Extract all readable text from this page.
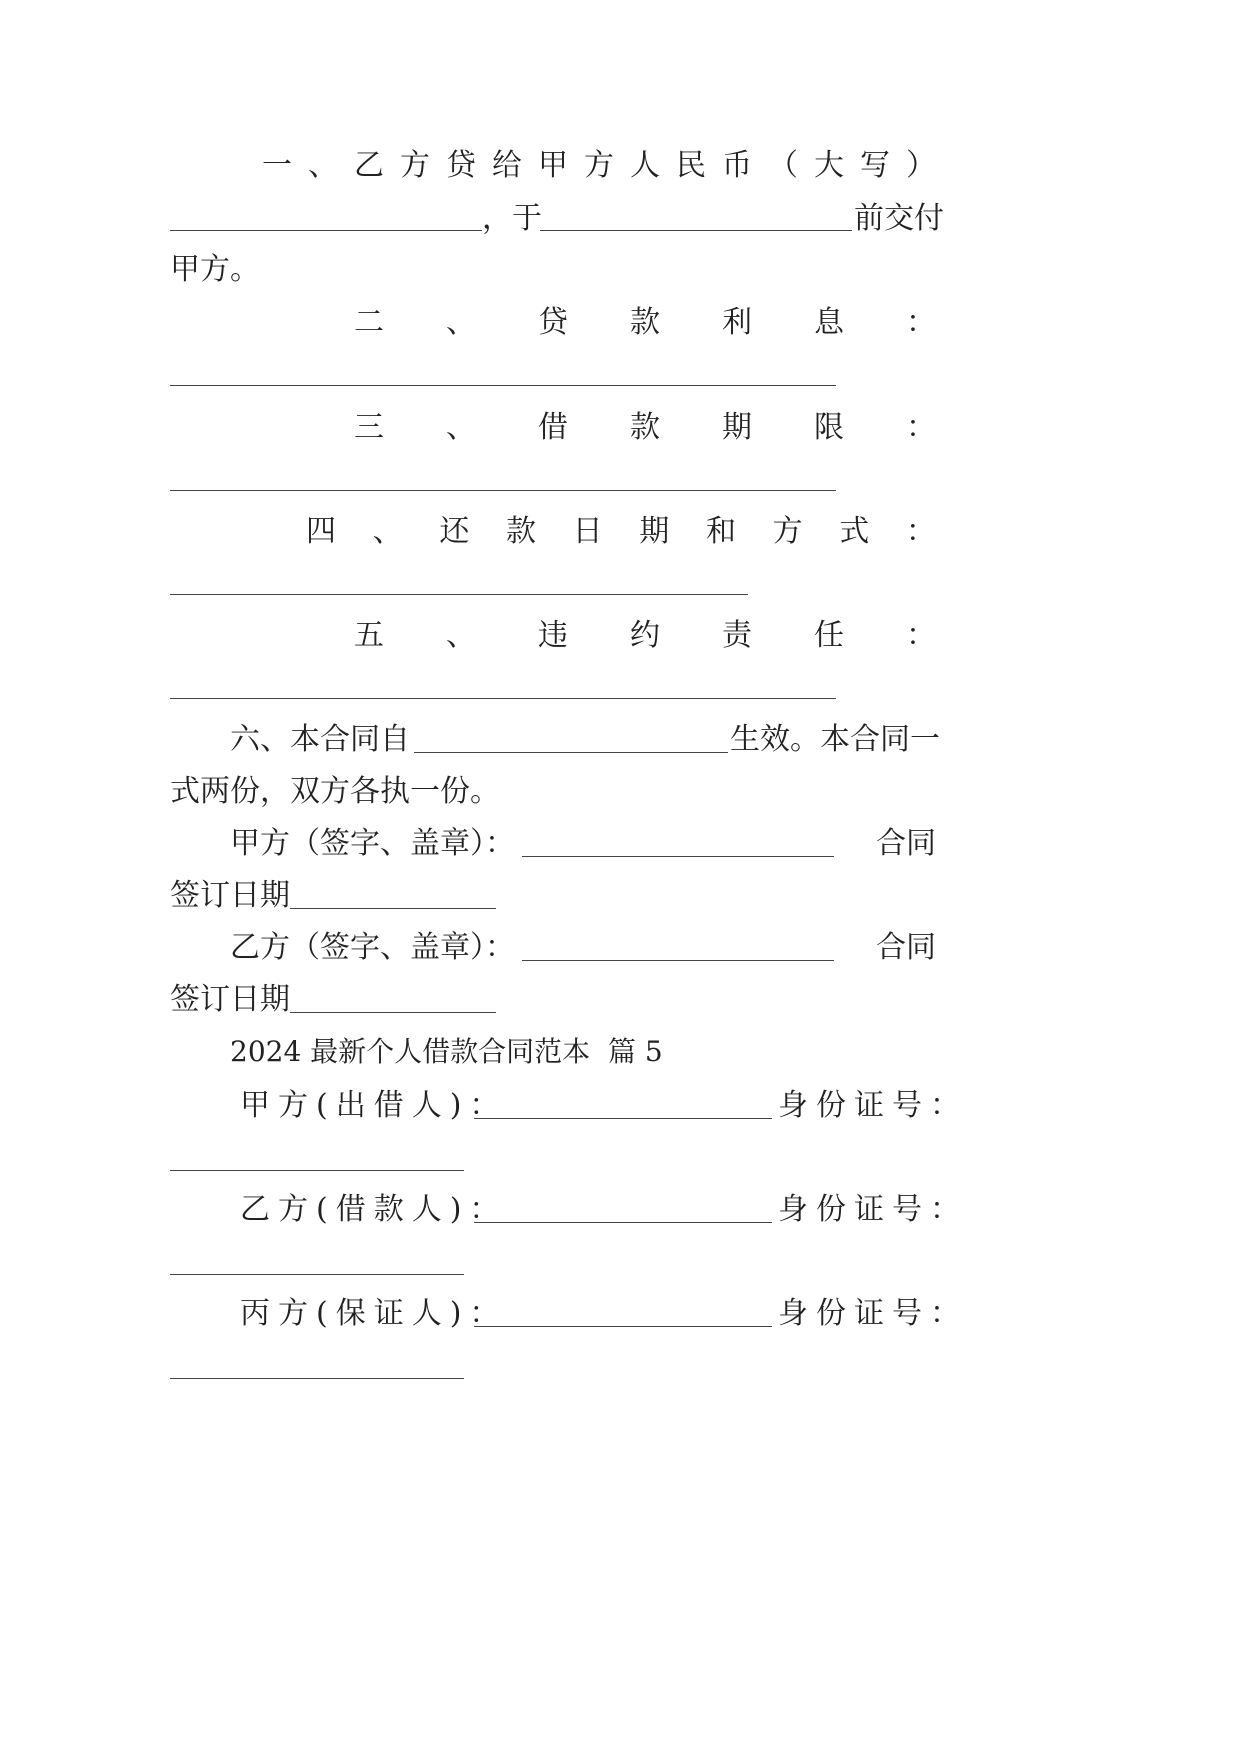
一 、 乙 方 贷 给 甲 方 人 民 币 （ 大 写 ）
，于	前交付
甲方。
二 、 贷 款 利 息 ：
三 、 借 款 期 限 ：
四 、 还 款 日 期 和 方 式 ：
五 、 违 约 责 任 ：
六、本合同自	生效。本合同一
式两份，双方各执一份。
甲方（签字、盖章）：	合同
签订日期
乙方（签字、盖章）：	合同
签订日期
2024 最新个人借款合同范本  篇 5
甲方(出借人)：	身份证号：
乙方(借款人)：	身份证号：
丙方(保证人)：	身份证号：
